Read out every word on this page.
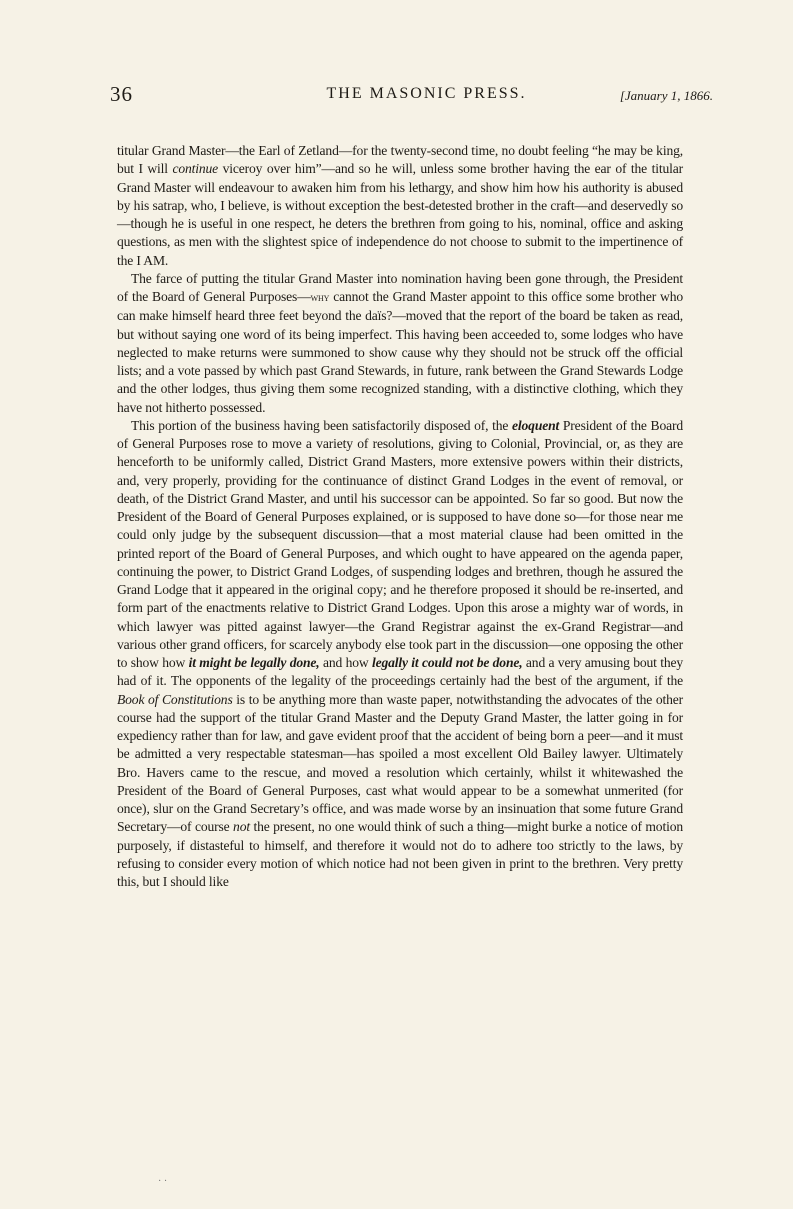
36	THE MASONIC PRESS.	[January 1, 1866.

titular Grand Master—the Earl of Zetland—for the twenty-second time, no doubt feeling “he may be king, but I will continue viceroy over him”—and so he will, unless some brother having the ear of the titular Grand Master will endeavour to awaken him from his lethargy, and show him how his authority is abused by his satrap, who, I believe, is without exception the best-detested brother in the craft—and deservedly so—though he is useful in one respect, he deters the brethren from going to his, nominal, office and asking questions, as men with the slightest spice of independence do not choose to submit to the impertinence of the I AM.

The farce of putting the titular Grand Master into nomination having been gone through, the President of the Board of General Purposes—why cannot the Grand Master appoint to this office some brother who can make himself heard three feet beyond the daïs?—moved that the report of the board be taken as read, but without saying one word of its being imperfect. This having been acceeded to, some lodges who have neglected to make returns were summoned to show cause why they should not be struck off the official lists; and a vote passed by which past Grand Stewards, in future, rank between the Grand Stewards Lodge and the other lodges, thus giving them some recognized standing, with a distinctive clothing, which they have not hitherto possessed.

This portion of the business having been satisfactorily disposed of, the eloquent President of the Board of General Purposes rose to move a variety of resolutions, giving to Colonial, Provincial, or, as they are henceforth to be uniformly called, District Grand Masters, more extensive powers within their districts, and, very properly, providing for the continuance of distinct Grand Lodges in the event of removal, or death, of the District Grand Master, and until his successor can be appointed. So far so good. But now the President of the Board of General Purposes explained, or is supposed to have done so—for those near me could only judge by the subsequent discussion—that a most material clause had been omitted in the printed report of the Board of General Purposes, and which ought to have appeared on the agenda paper, continuing the power, to District Grand Lodges, of suspending lodges and brethren, though he assured the Grand Lodge that it appeared in the original copy; and he therefore proposed it should be re-inserted, and form part of the enactments relative to District Grand Lodges. Upon this arose a mighty war of words, in which lawyer was pitted against lawyer—the Grand Registrar against the ex-Grand Registrar—and various other grand officers, for scarcely anybody else took part in the discussion—one opposing the other to show how it might be legally done, and how legally it could not be done, and a very amusing bout they had of it. The opponents of the legality of the proceedings certainly had the best of the argument, if the Book of Constitutions is to be anything more than waste paper, notwithstanding the advocates of the other course had the support of the titular Grand Master and the Deputy Grand Master, the latter going in for expediency rather than for law, and gave evident proof that the accident of being born a peer—and it must be admitted a very respectable statesman—has spoiled a most excellent Old Bailey lawyer. Ultimately Bro. Havers came to the rescue, and moved a resolution which certainly, whilst it whitewashed the President of the Board of General Purposes, cast what would appear to be a somewhat unmerited (for once), slur on the Grand Secretary’s office, and was made worse by an insinuation that some future Grand Secretary—of course not the present, no one would think of such a thing—might burke a notice of motion purposely, if distasteful to himself, and therefore it would not do to adhere too strictly to the laws, by refusing to consider every motion of which notice had not been given in print to the brethren. Very pretty this, but I should like

· ·
